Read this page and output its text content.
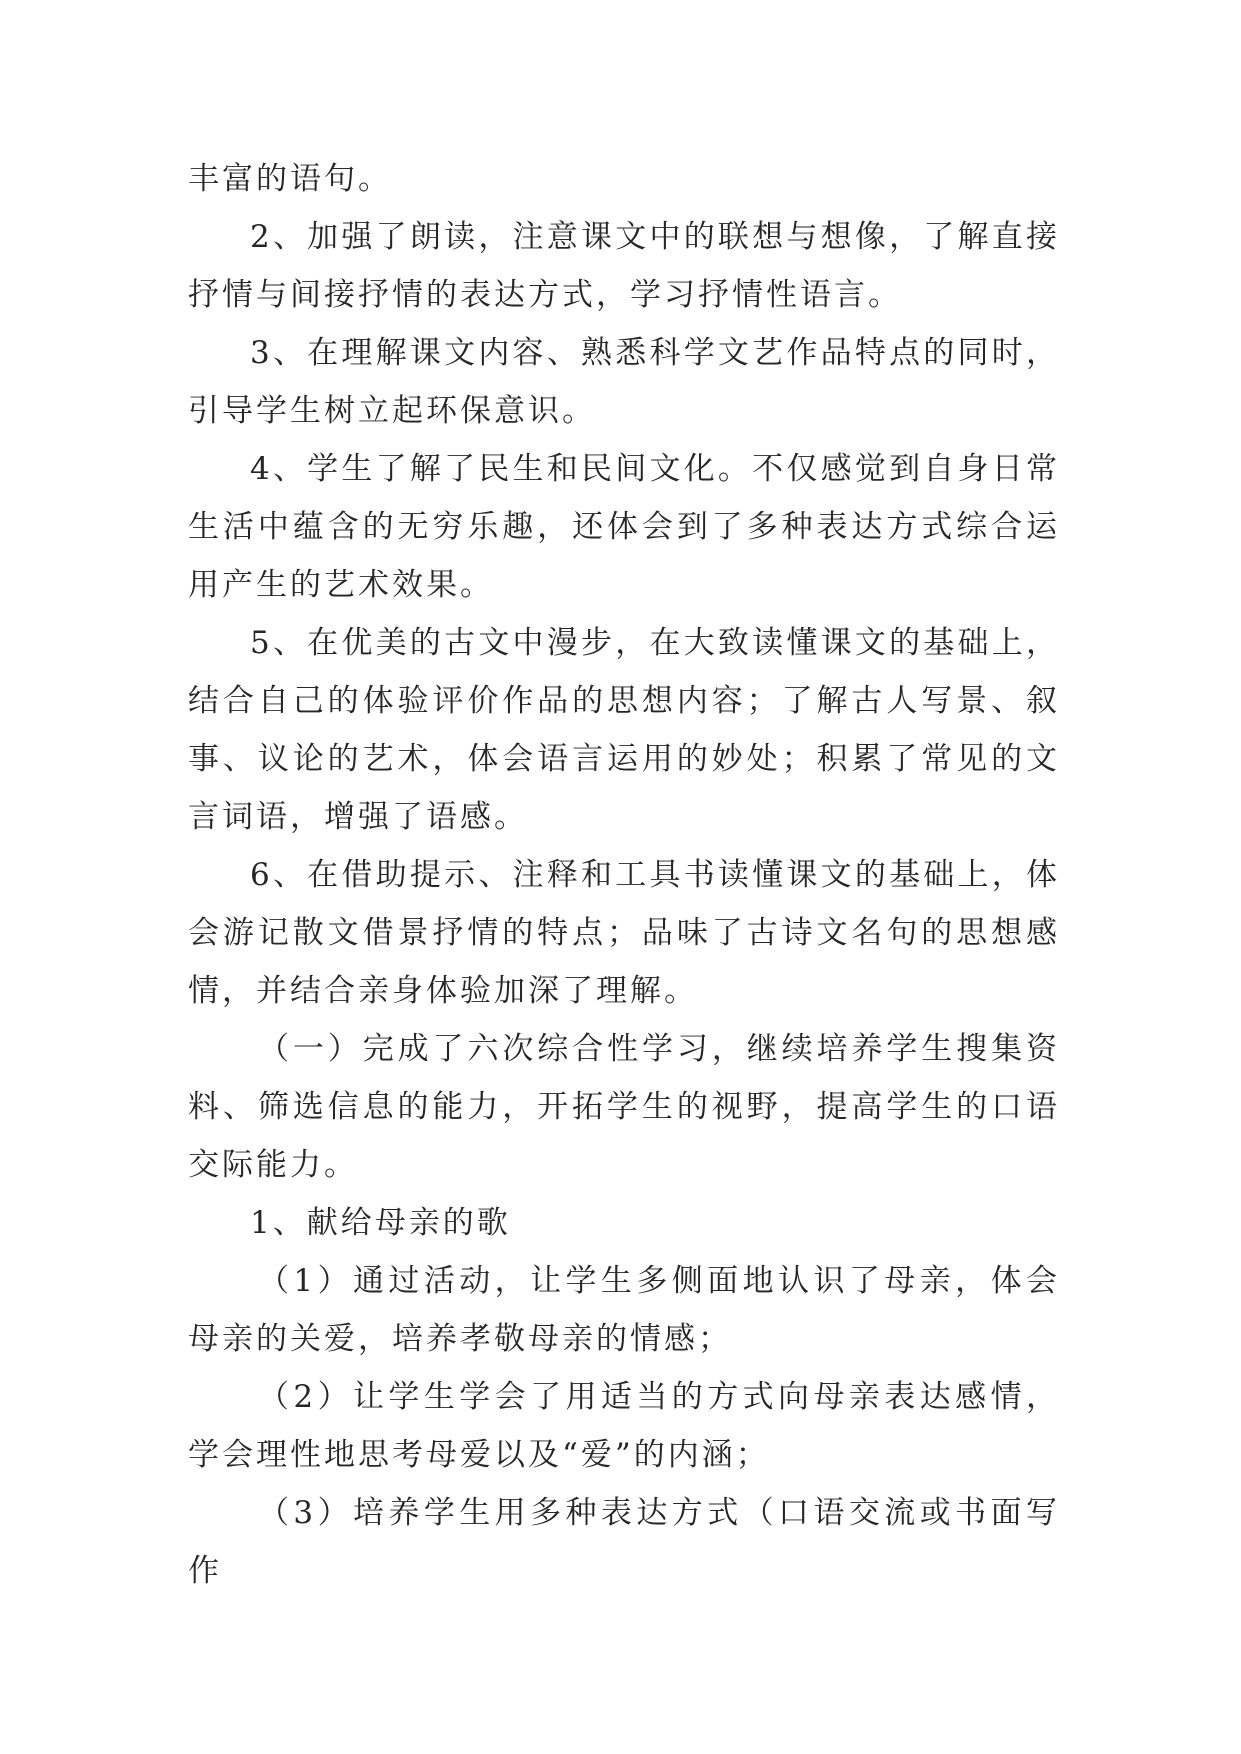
丰富的语句。

2、加强了朗读，注意课文中的联想与想像，了解直接抒情与间接抒情的表达方式，学习抒情性语言。

3、在理解课文内容、熟悉科学文艺作品特点的同时，引导学生树立起环保意识。

4、学生了解了民生和民间文化。不仅感觉到自身日常生活中蕴含的无穷乐趣，还体会到了多种表达方式综合运用产生的艺术效果。

5、在优美的古文中漫步，在大致读懂课文的基础上，结合自己的体验评价作品的思想内容；了解古人写景、叙事、议论的艺术，体会语言运用的妙处；积累了常见的文言词语，增强了语感。

6、在借助提示、注释和工具书读懂课文的基础上，体会游记散文借景抒情的特点；品味了古诗文名句的思想感情，并结合亲身体验加深了理解。

（一）完成了六次综合性学习，继续培养学生搜集资料、筛选信息的能力，开拓学生的视野，提高学生的口语交际能力。

1、献给母亲的歌

（1）通过活动，让学生多侧面地认识了母亲，体会母亲的关爱，培养孝敬母亲的情感；

（2）让学生学会了用适当的方式向母亲表达感情，学会理性地思考母爱以及“爱”的内涵；

（3）培养学生用多种表达方式（口语交流或书面写作
